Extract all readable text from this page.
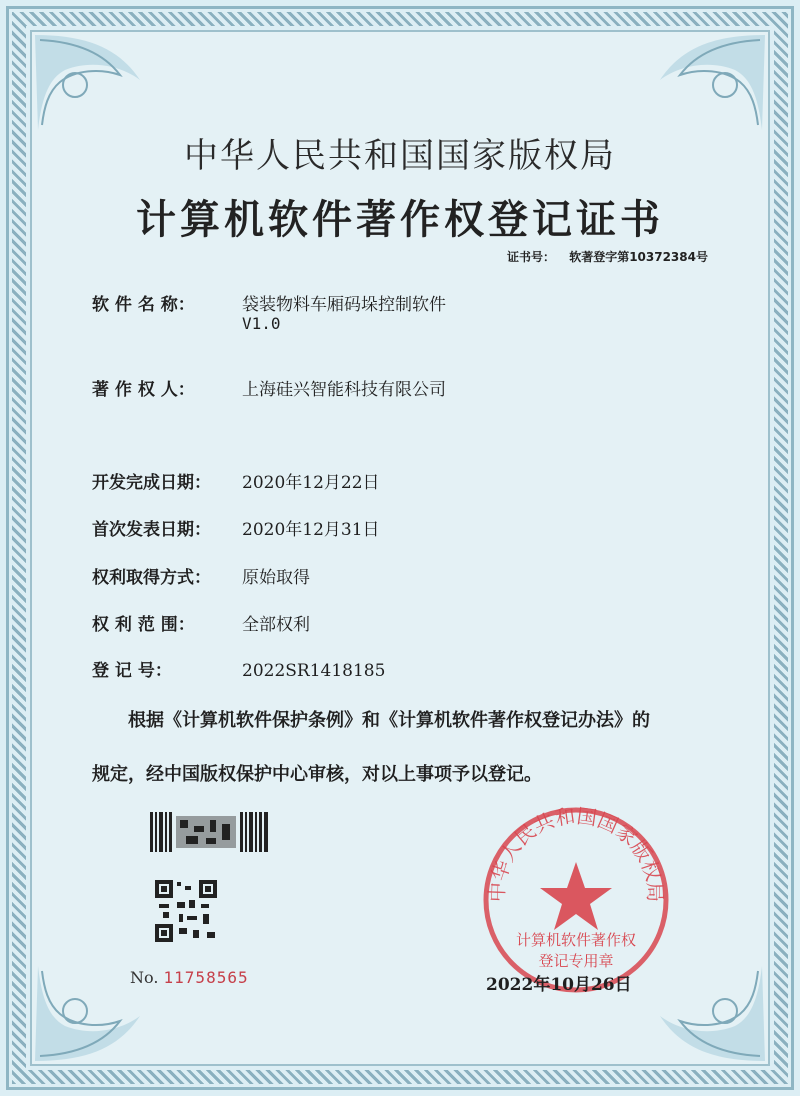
中华人民共和国国家版权局
计算机软件著作权登记证书
证书号： 软著登字第10372384号
软 件 名 称：	袋装物料车厢码垛控制软件
V1.0
著 作 权 人：	上海硅兴智能科技有限公司
开发完成日期： 2020年12月22日
首次发表日期： 2020年12月31日
权利取得方式： 原始取得
权 利 范 围：	全部权利
登 记 号：	2022SR1418185
根据《计算机软件保护条例》和《计算机软件著作权登记办法》的
规定，经中国版权保护中心审核，对以上事项予以登记。
No. 11758565
中华人民共和国国家版权局
计算机软件著作权
登记专用章
2022年10月26日
